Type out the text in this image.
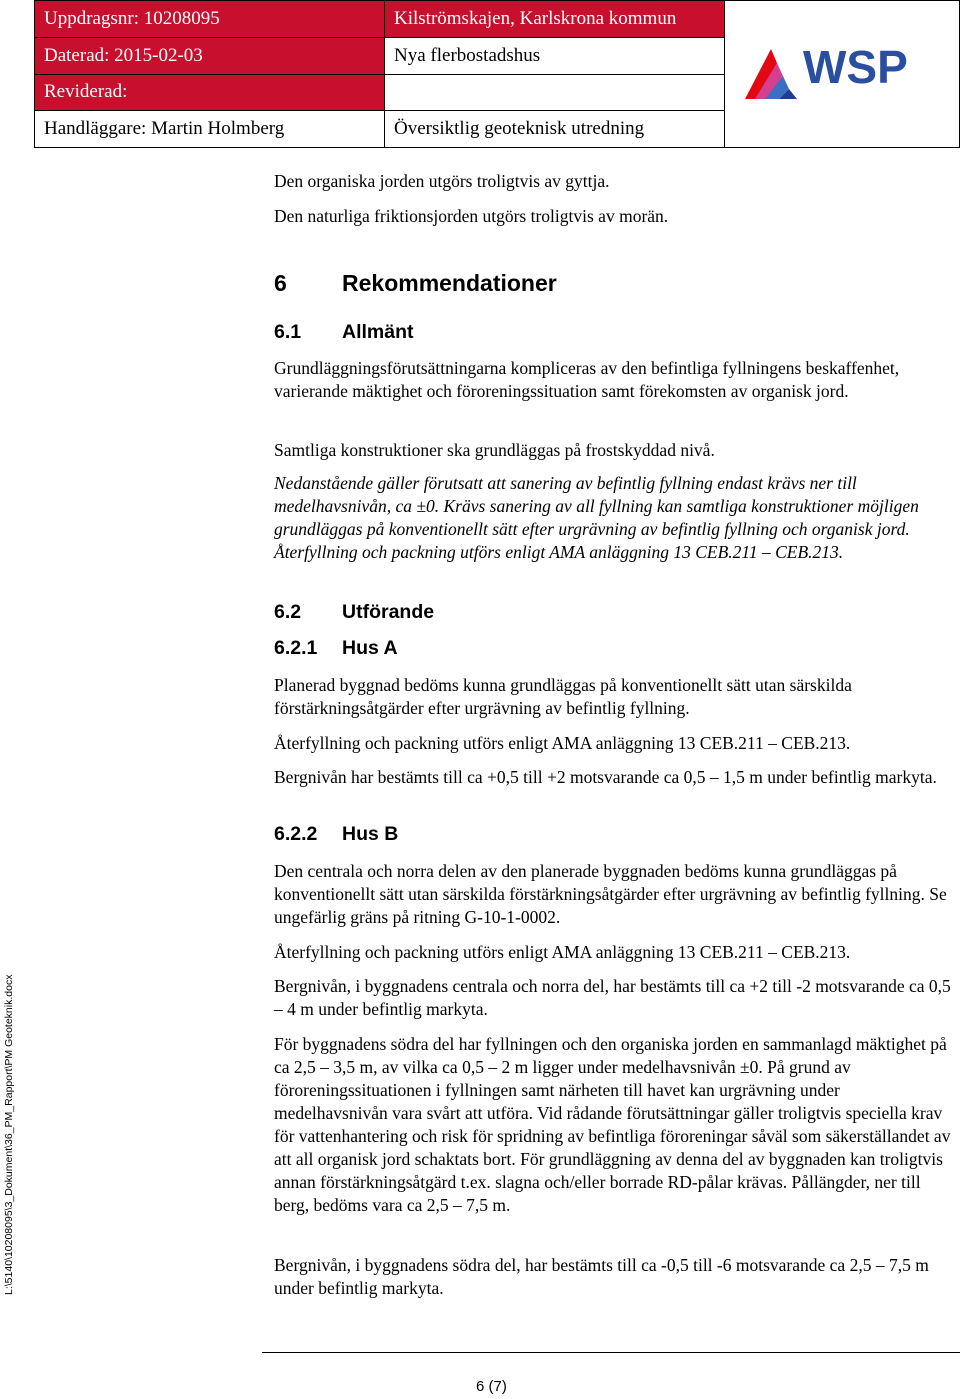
Uppdragsnr: 10208095	Kilströmskajen, Karlskrona kommun	WSP

Daterad: 2015-02-03	Nya flerbostadshus	
Reviderad:		
Handläggare: Martin Holmberg	Översiktlig geoteknisk utredning	
L:\5140\10208095\3_Dokument\36_PM_Rapport\PM Geoteknik.docx

Den organiska jorden utgörs troligtvis av gyttja.

Den naturliga friktionsjorden utgörs troligtvis av morän.

6 Rekommendationer
6.1 Allmänt

Grundläggningsförutsättningarna kompliceras av den befintliga fyllningens beskaffenhet, varierande mäktighet och föroreningssituation samt förekomsten av organisk jord.

Samtliga konstruktioner ska grundläggas på frostskyddad nivå.

Nedanstående gäller förutsatt att sanering av befintlig fyllning endast krävs ner till medelhavsnivån, ca ±0. Krävs sanering av all fyllning kan samtliga konstruktioner möjligen grundläggas på konventionellt sätt efter urgrävning av befintlig fyllning och organisk jord. Återfyllning och packning utförs enligt AMA anläggning 13 CEB.211 – CEB.213.

6.2 Utförande
6.2.1 Hus A

Planerad byggnad bedöms kunna grundläggas på konventionellt sätt utan särskilda förstärkningsåtgärder efter urgrävning av befintlig fyllning.

Återfyllning och packning utförs enligt AMA anläggning 13 CEB.211 – CEB.213.

Bergnivån har bestämts till ca +0,5 till +2 motsvarande ca 0,5 – 1,5 m under befintlig markyta.

6.2.2 Hus B

Den centrala och norra delen av den planerade byggnaden bedöms kunna grundläggas på konventionellt sätt utan särskilda förstärkningsåtgärder efter urgrävning av befintlig fyllning. Se ungefärlig gräns på ritning G-10-1-0002.

Återfyllning och packning utförs enligt AMA anläggning 13 CEB.211 – CEB.213.

Bergnivån, i byggnadens centrala och norra del, har bestämts till ca +2 till -2 motsvarande ca 0,5 – 4 m under befintlig markyta.

För byggnadens södra del har fyllningen och den organiska jorden en sammanlagd mäktighet på ca 2,5 – 3,5 m, av vilka ca 0,5 – 2 m ligger under medelhavsnivån ±0. På grund av föroreningssituationen i fyllningen samt närheten till havet kan urgrävning under medelhavsnivån vara svårt att utföra. Vid rådande förutsättningar gäller troligtvis speciella krav för vattenhantering och risk för spridning av befintliga föroreningar såväl som säkerställandet av att all organisk jord schaktats bort. För grundläggning av denna del av byggnaden kan troligtvis annan förstärkningsåtgärd t.ex. slagna och/eller borrade RD-pålar krävas. Pållängder, ner till berg, bedöms vara ca 2,5 – 7,5 m.

Bergnivån, i byggnadens södra del, har bestämts till ca -0,5 till -6 motsvarande ca 2,5 – 7,5 m under befintlig markyta.

6 (7)
